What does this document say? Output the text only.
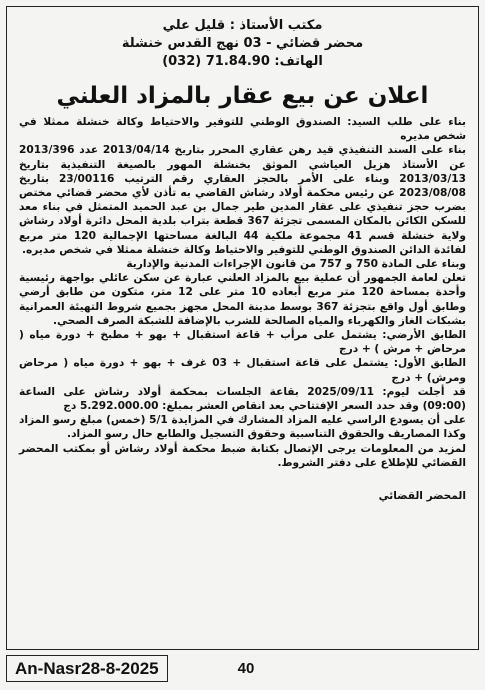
مكتب الأستاذ : قليل علي
محضر قضائي - 03 نهج القدس خنشلة
الهاتف: 71.84.90 (032)
اعلان عن بيع عقار بالمزاد العلني

بناء على طلب السيد: الصندوق الوطني للتوفير والاحتياط وكالة خنشلة ممثلا في شخص مديره

بناء على السند التنفيذي قيد رهن عقاري المحرر بتاريخ 2013/04/14 عدد 2013/396 عن الأستاذ هزيل العياشي الموثق بخنشلة المهور بالصيغة التنفيذية بتاريخ 2013/03/13 وبناء على الأمر بالحجز العقاري رقم الترتيب 23/00116 بتاريخ 2023/08/08 عن رئيس محكمة أولاد رشاش القاضي به تأذن لأي محضر قضائي مختص بضرب حجز تنفيذي على عقار المدين طير جمال بن عبد الحميد المتمثل في بناء معد للسكن الكائن بالمكان المسمى تجزئة 367 قطعة بتراب بلدية المحل دائرة أولاد رشاش ولاية خنشلة قسم 41 مجموعة ملكية 44 البالغة مساحتها الإجمالية 120 متر مربع لفائدة الدائن الصندوق الوطني للتوفير والاحتياط وكالة خنشلة ممثلا في شخص مديره.

وبناء على المادة 750 و 757 من قانون الإجراءات المدنية والإدارية

تعلن لعامة الجمهور أن عملية بيع بالمزاد العلني عبارة عن سكن عائلي بواجهة رئيسية وأحدة بمساحة 120 متر مربع أبعاده 10 متر على 12 متر، متكون من طابق أرضي وطابق أول واقع بتجزئة 367 بوسط مدينة المحل مجهز بجميع شروط التهيئة العمرانية بشبكات الغاز والكهرباء والمياه الصالحة للشرب بالإضافة للشبكة الصرف الصحي.

الطابق الأرضي: يشتمل على مرأب + قاعة استقبال + بهو + مطبخ + دورة مياه ( مرحاض + مرش ) + درج

الطابق الأول: يشتمل على قاعة استقبال + 03 غرف + بهو + دورة مياه ( مرحاض ومرش) + درج

قد أجلت ليوم: 2025/09/11 بقاعة الجلسات بمحكمة أولاد رشاش على الساعة (09:00) وقد حدد السعر الإفتتاحي بعد انقاص العشر بمبلغ: 5.292.000.00 دج

على أن يسودع الراسي عليه المزاد المشارك في المزايدة 5/1 (خمس) مبلغ رسو المزاد وكذا المصاريف والحقوق التناسبية وحقوق التسجيل والطابع حال رسو المزاد.

لمزيد من المعلومات يرجى الإتصال بكتابة ضبط محكمة أولاد رشاش أو بمكتب المحضر القضائي للإطلاع على دفتر الشروط.

المحضر القضائي
An-Nasr28-8-2025	40
